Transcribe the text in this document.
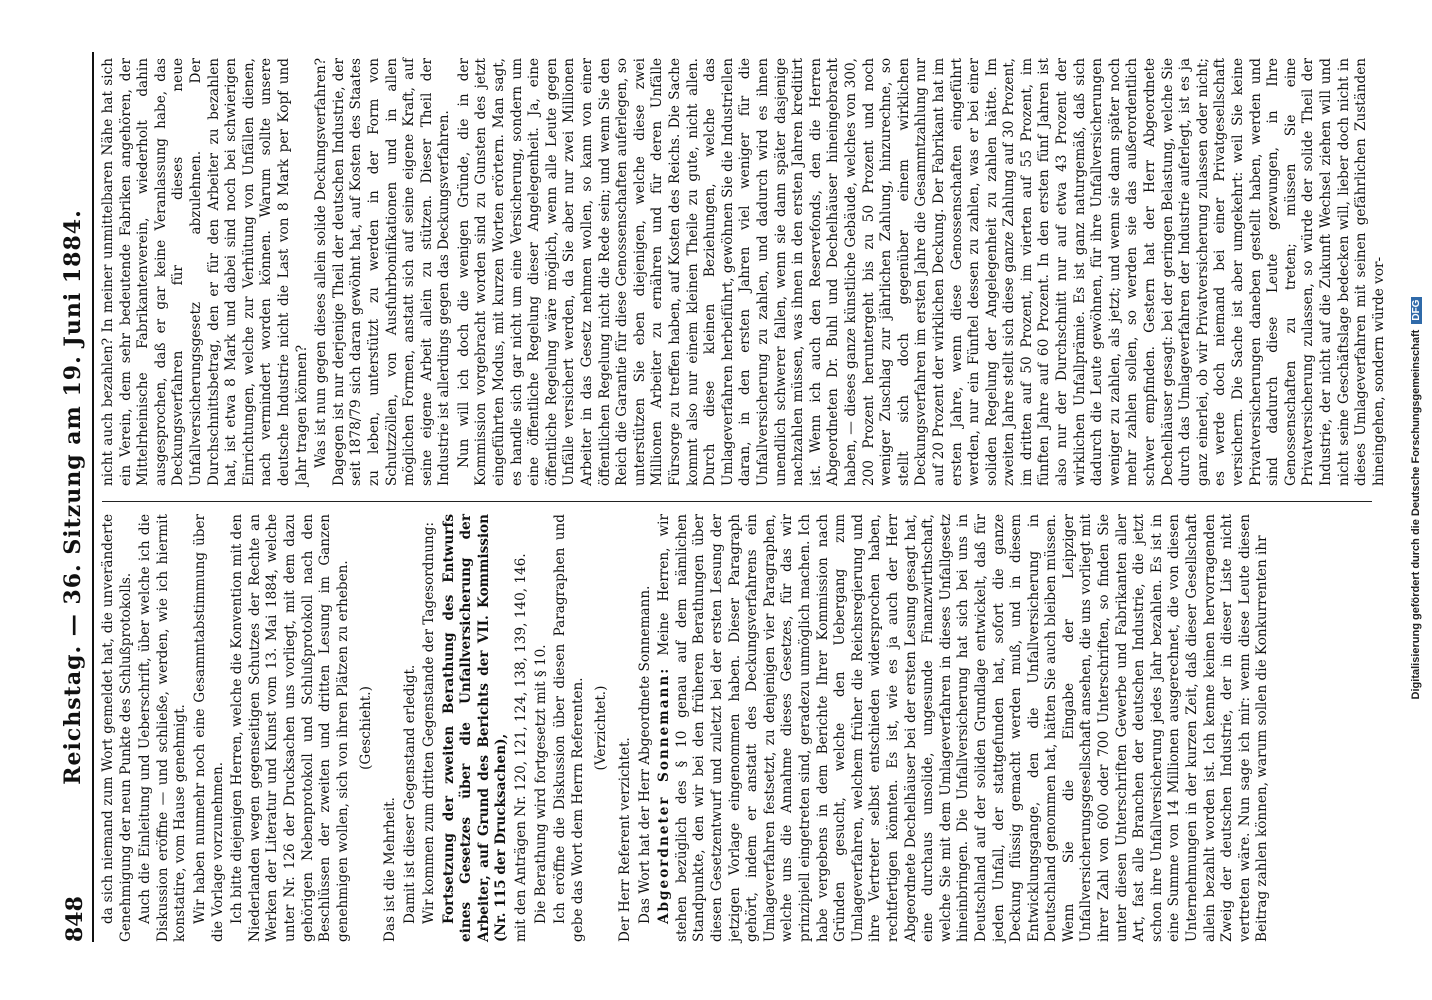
848
Reichstag. — 36. Sitzung am 19. Juni 1884. da sich niemand zum Wort gemeldet hat, die unveränderte Genehmigung der neun Punkte des Schlußprotokolls. Auch die Einleitung und Ueberschrift, über welche ich die Diskussion eröffne — und schließe, werden, wie ich hiermit konstatire, vom Hause genehmigt. Wir haben nunmehr noch eine Gesammtabstimmung über die Vorlage vorzunehmen. Ich bitte diejenigen Herren, welche die Konvention mit den Niederlanden wegen gegenseitigen Schutzes der Rechte an Werken der Literatur und Kunst vom 13. Mai 1884, welche unter Nr. 126 der Drucksachen uns vorliegt, mit dem dazu gehörigen Nebenprotokoll und Schlußprotokoll nach den Beschlüssen der zweiten und dritten Lesung im Ganzen genehmigen wollen, sich von ihren Plätzen zu erheben. (Geschieht.)

Das ist die Mehrheit. Damit ist dieser Gegenstand erledigt. Wir kommen zum dritten Gegenstande der Tagesordnung: Fortsetzung der zweiten Berathung des Entwurfs eines Gesetzes über die Unfallversicherung der Arbeiter, auf Grund des Berichts der VII. Kommission (Nr. 115 der Drucksachen), mit den Anträgen Nr. 120, 121, 124, 138, 139, 140, 146. Die Berathung wird fortgesetzt mit § 10. Ich eröffne die Diskussion über diesen Paragraphen und gebe das Wort dem Herrn Referenten. (Verzichtet.)

Der Herr Referent verzichtet. Das Wort hat der Herr Abgeordnete Sonnemann. Abgeordneter Sonnemann: Meine Herren, wir stehen bezüglich des § 10 genau auf dem nämlichen Standpunkte, den wir bei den früheren Berathungen über diesen Gesetzentwurf und zuletzt bei der ersten Lesung der jetzigen Vorlage eingenommen haben. Dieser Paragraph gehört, indem er anstatt des Deckungsverfahrens ein Umlageverfahren festsetzt, zu denjenigen vier Paragraphen, welche uns die Annahme dieses Gesetzes, für das wir prinzipiell eingetreten sind, geradezu unmöglich machen. Ich habe vergebens in dem Berichte Ihrer Kommission nach Gründen gesucht, welche den Uebergang zum Umlageverfahren, welchem früher die Reichsregierung und ihre Vertreter selbst entschieden widersprochen haben, rechtfertigen könnten. Es ist, wie es ja auch der Herr Abgeordnete Dechelhäuser bei der ersten Lesung gesagt hat, eine durchaus unsolide, ungesunde Finanzwirthschaft, welche Sie mit dem Umlageverfahren in dieses Unfallgesetz hineinbringen. Die Unfallversicherung hat sich bei uns in Deutschland auf der soliden Grundlage entwickelt, daß für jeden Unfall, der stattgefunden hat, sofort die ganze Deckung flüssig gemacht werden muß, und in diesem Entwicklungsgange, den die Unfallversicherung in Deutschland genommen hat, hätten Sie auch bleiben müssen. Wenn Sie die Eingabe der Leipziger Unfallversicherungsgesellschaft ansehen, die uns vorliegt mit ihrer Zahl von 600 oder 700 Unterschriften, so finden Sie unter diesen Unterschriften Gewerbe und Fabrikanten aller Art, fast alle Branchen der deutschen Industrie, die jetzt schon ihre Unfallversicherung jedes Jahr bezahlen. Es ist in eine Summe von 14 Millionen ausgerechnet, die von diesen Unternehmungen in der kurzen Zeit, daß dieser Gesellschaft allein bezahlt worden ist. Ich kenne keinen hervorragenden Zweig der deutschen Industrie, der in dieser Liste nicht vertreten wäre. Nun sage ich mir: wenn diese Leute diesen Beitrag zahlen können, warum sollen die Konkurrenten ihr

nicht auch bezahlen? In meiner unmittelbaren Nähe hat sich ein Verein, dem sehr bedeutende Fabriken angehören, der Mittelrheinische Fabrikantenverein, wiederholt dahin ausgesprochen, daß er gar keine Veranlassung habe, das Deckungsverfahren für dieses neue Unfallversicherungsgesetz abzulehnen. Der Durchschnittsbetrag, den er für den Arbeiter zu bezahlen hat, ist etwa 8 Mark und dabei sind noch bei schwierigen Einrichtungen, welche zur Verhütung von Unfällen dienen, nach vermindert worden können. Warum sollte unsere deutsche Industrie nicht die Last von 8 Mark per Kopf und Jahr tragen können? Was ist nun gegen dieses allein solide Deckungsverfahren? Dagegen ist nur derjenige Theil der deutschen Industrie, der seit 1878/79 sich daran gewöhnt hat, auf Kosten des Staates zu leben, unterstützt zu werden in der Form von Schutzzöllen, von Ausfuhrbonifikationen und in allen möglichen Formen, anstatt sich auf seine eigene Kraft, auf seine eigene Arbeit allein zu stützen. Dieser Theil der Industrie ist allerdings gegen das Deckungsverfahren. Nun will ich doch die wenigen Gründe, die in der Kommission vorgebracht worden sind zu Gunsten des jetzt eingeführten Modus, mit kurzen Worten erörtern. Man sagt, es handle sich gar nicht um eine Versicherung, sondern um eine öffentliche Regelung dieser Angelegenheit. Ja, eine öffentliche Regelung wäre möglich, wenn alle Leute gegen Unfälle versichert werden, da Sie aber nur zwei Millionen Arbeiter in das Gesetz nehmen wollen, so kann von einer öffentlichen Regelung nicht die Rede sein; und wenn Sie den Reich die Garantie für diese Genossenschaften auferlegen, so unterstützen Sie eben diejenigen, welche diese zwei Millionen Arbeiter zu ernähren und für deren Unfälle Fürsorge zu treffen haben, auf Kosten des Reichs. Die Sache kommt also nur einem kleinen Theile zu gute, nicht allen. Durch diese kleinen Beziehungen, welche das Umlageverfahren herbeiführt, gewöhnen Sie die Industriellen daran, in den ersten Jahren viel weniger für die Unfallversicherung zu zahlen, und dadurch wird es ihnen unendlich schwerer fallen, wenn sie dann später dasjenige nachzahlen müssen, was ihnen in den ersten Jahren kreditirt ist. Wenn ich auch den Reservefonds, den die Herren Abgeordneten Dr. Buhl und Dechelhäuser hineingebracht haben, — dieses ganze künstliche Gebäude, welches von 300, 200 Prozent heruntergeht bis zu 50 Prozent und noch weniger Zuschlag zur jährlichen Zahlung, hinzurechne, so stellt sich doch gegenüber einem wirklichen Deckungsverfahren im ersten Jahre die Gesammtzahlung nur auf 20 Prozent der wirklichen Deckung. Der Fabrikant hat im ersten Jahre, wenn diese Genossenschaften eingeführt werden, nur ein Fünftel dessen zu zahlen, was er bei einer soliden Regelung der Angelegenheit zu zahlen hätte. Im zweiten Jahre stellt sich diese ganze Zahlung auf 30 Prozent, im dritten auf 50 Prozent, im vierten auf 55 Prozent, im fünften Jahre auf 60 Prozent. In den ersten fünf Jahren ist also nur der Durchschnitt nur auf etwa 43 Prozent der wirklichen Unfallprämie. Es ist ganz naturgemäß, daß sich dadurch die Leute gewöhnen, für ihre Unfallversicherungen weniger zu zahlen, als jetzt; und wenn sie dann später noch mehr zahlen sollen, so werden sie das außerordentlich schwer empfinden. Gestern hat der Herr Abgeordnete Dechelhäuser gesagt: bei der geringen Belastung, welche Sie durch das Umlageverfahren der Industrie auferlegt, ist es ja ganz einerlei, ob wir Privatversicherung zulassen oder nicht; es werde doch niemand bei einer Privatgesellschaft versichern. Die Sache ist aber umgekehrt: weil Sie keine Privatversicherungen daneben gestellt haben, werden und sind dadurch diese Leute gezwungen, in Ihre Genossenschaften zu treten; müssen Sie eine Privatversicherung zulassen, so würde der solide Theil der Industrie, der nicht auf die Zukunft Wechsel ziehen will und nicht seine Geschäftslage bedecken will, lieber doch nicht in dieses Umlageverfahren mit seinen gefährlichen Zuständen hineingehen, sondern würde vor- Digitalisierung gefördert durch die Deutsche ForschungsgemeinschaftDFG
